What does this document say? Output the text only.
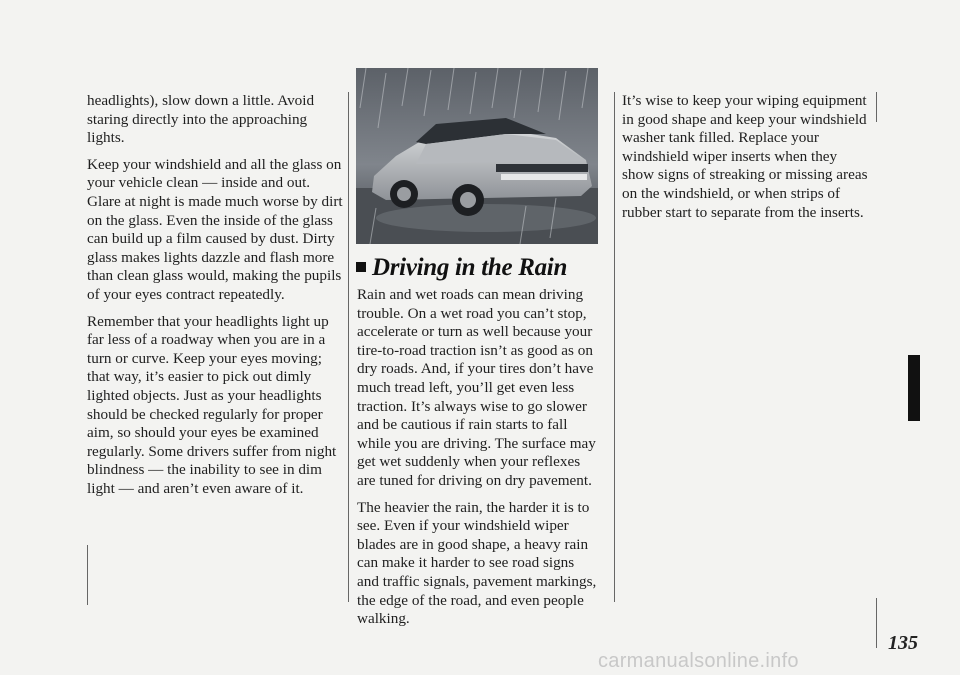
headlights), slow down a little. Avoid staring directly into the approaching lights.

Keep your windshield and all the glass on your vehicle clean — inside and out. Glare at night is made much worse by dirt on the glass. Even the inside of the glass can build up a film caused by dust. Dirty glass makes lights dazzle and flash more than clean glass would, making the pupils of your eyes contract repeatedly.

Remember that your headlights light up far less of a roadway when you are in a turn or curve. Keep your eyes moving; that way, it’s easier to pick out dimly lighted objects. Just as your headlights should be checked regularly for proper aim, so should your eyes be examined regularly. Some drivers suffer from night blindness — the inability to see in dim light — and aren’t even aware of it.

Driving in the Rain

Rain and wet roads can mean driving trouble. On a wet road you can’t stop, accelerate or turn as well because your tire-to-road traction isn’t as good as on dry roads. And, if your tires don’t have much tread left, you’ll get even less traction. It’s always wise to go slower and be cautious if rain starts to fall while you are driving. The surface may get wet suddenly when your reflexes are tuned for driving on dry pavement.

The heavier the rain, the harder it is to see. Even if your windshield wiper blades are in good shape, a heavy rain can make it harder to see road signs and traffic signals, pavement markings, the edge of the road, and even people walking.

It’s wise to keep your wiping equipment in good shape and keep your windshield washer tank filled. Replace your windshield wiper inserts when they show signs of streaking or missing areas on the windshield, or when strips of rubber start to separate from the inserts.

135
carmanualsonline.info
